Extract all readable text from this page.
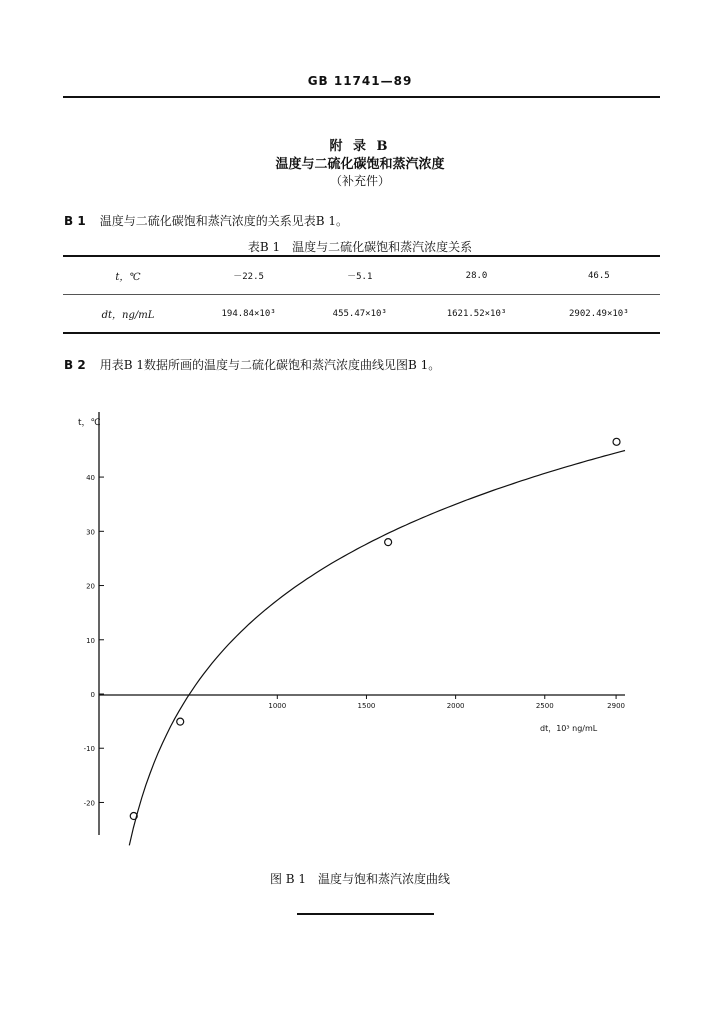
GB 11741—89
附 录 B
温度与二硫化碳饱和蒸汽浓度
（补充件）
B 1 温度与二硫化碳饱和蒸汽浓度的关系见表B 1。
表B 1　温度与二硫化碳饱和蒸汽浓度关系
t，℃	－22.5	－5.1	28.0	46.5
dt，ng/mL	194.84×10³	455.47×10³	1621.52×10³	2902.49×10³
B 2 用表B 1数据所画的温度与二硫化碳饱和蒸汽浓度曲线见图B 1。
t，℃
dt，10³ ng/mL
1000	1500	2000	2500	2900
40
30
20
10
0
-10
-20
图 B 1　温度与饱和蒸汽浓度曲线
